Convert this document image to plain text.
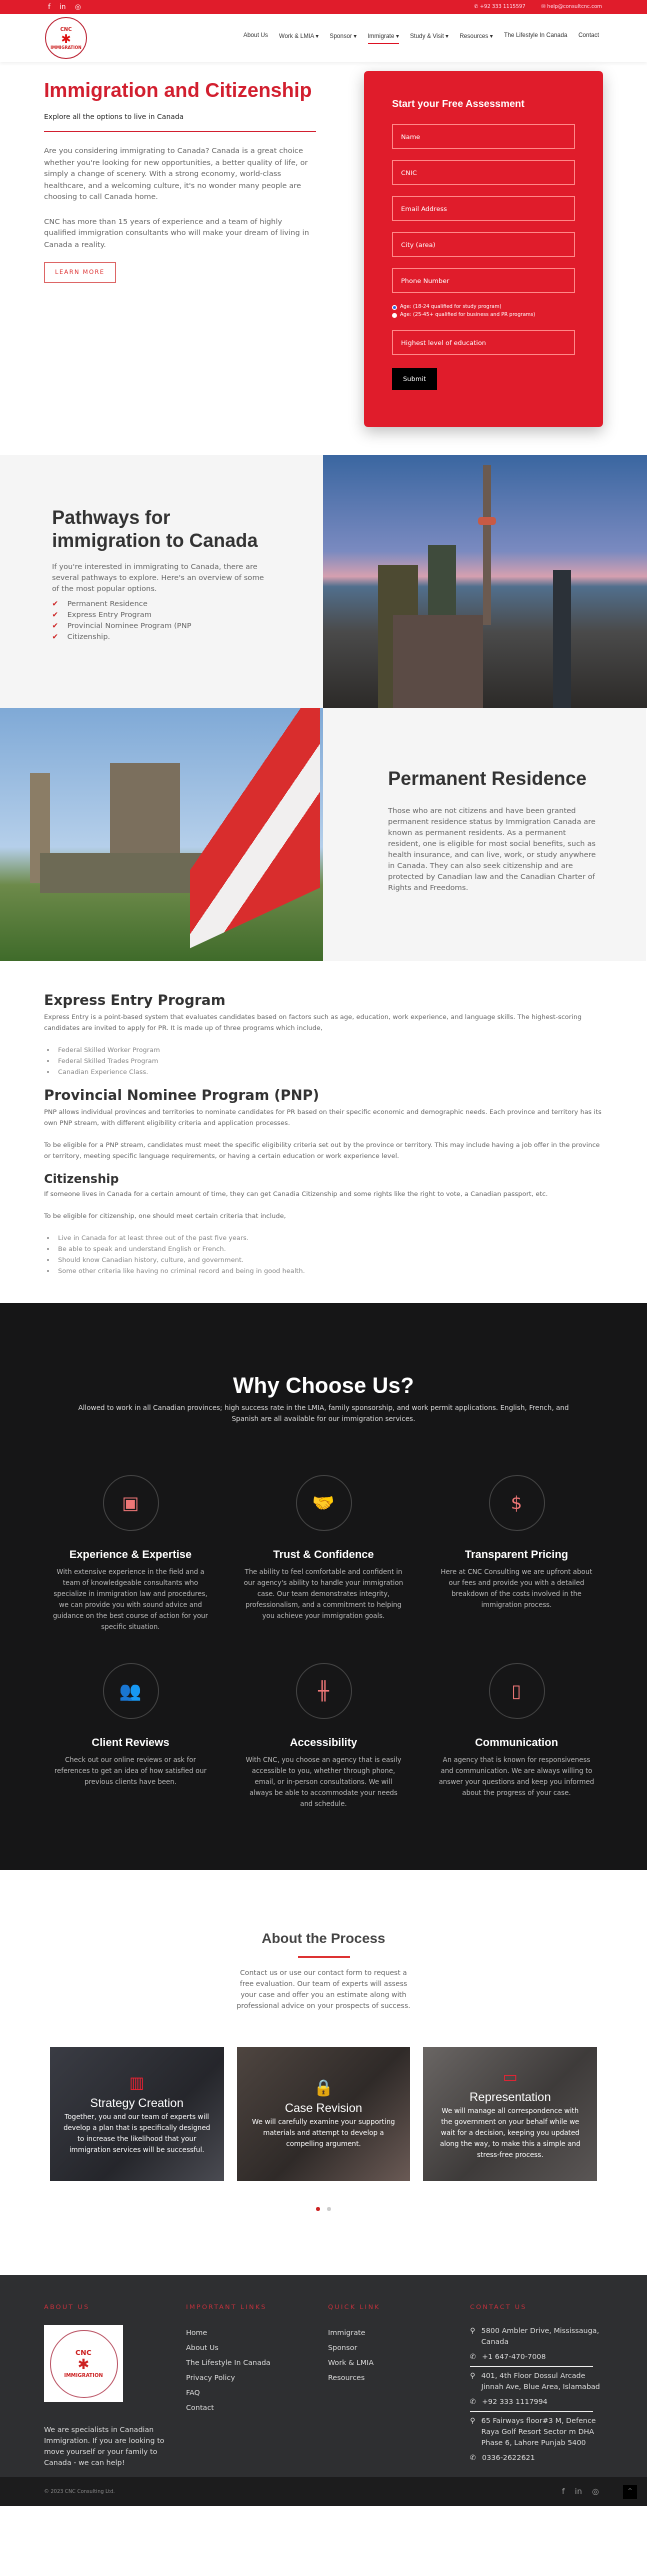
f in ◎	✆ +92 333 1115597	✉ help@consultcnc.com
CNC
✱
IMMIGRATION
About Us Work & LMIA ▾ Sponsor ▾ Immigrate ▾ Study & Visit ▾ Resources ▾ The Lifestyle In Canada Contact
Immigration and Citizenship
Explore all the options to live in Canada

Are you considering immigrating to Canada? Canada is a great choice whether you're looking for new opportunities, a better quality of life, or simply a change of scenery. With a strong economy, world-class healthcare, and a welcoming culture, it's no wonder many people are choosing to call Canada home.

CNC has more than 15 years of experience and a team of highly qualified immigration consultants who will make your dream of living in Canada a reality.

LEARN MORE
Start your Free Assessment
Name
CNIC
Email Address
City (area)
Phone Number
Age: (18-24 qualified for study program)
Age: (25-45+ qualified for business and PR programs)
Highest level of education
Submit
Pathways for immigration to Canada

If you're interested in immigrating to Canada, there are several pathways to explore. Here's an overview of some of the most popular options.

✔ Permanent Residence
✔ Express Entry Program
✔ Provincial Nominee Program (PNP
✔ Citizenship.
Permanent Residence

Those who are not citizens and have been granted permanent residence status by Immigration Canada are known as permanent residents. As a permanent resident, one is eligible for most social benefits, such as health insurance, and can live, work, or study anywhere in Canada. They can also seek citizenship and are protected by Canadian law and the Canadian Charter of Rights and Freedoms.

Express Entry Program

Express Entry is a point-based system that evaluates candidates based on factors such as age, education, work experience, and language skills. The highest-scoring candidates are invited to apply for PR. It is made up of three programs which include,

• Federal Skilled Worker Program
• Federal Skilled Trades Program
• Canadian Experience Class.
Provincial Nominee Program (PNP)

PNP allows individual provinces and territories to nominate candidates for PR based on their specific economic and demographic needs. Each province and territory has its own PNP stream, with different eligibility criteria and application processes.

To be eligible for a PNP stream, candidates must meet the specific eligibility criteria set out by the province or territory. This may include having a job offer in the province or territory, meeting specific language requirements, or having a certain education or work experience level.

Citizenship

If someone lives in Canada for a certain amount of time, they can get Canadia Citizenship and some rights like the right to vote, a Canadian passport, etc.

To be eligible for citizenship, one should meet certain criteria that include,

• Live in Canada for at least three out of the past five years.
• Be able to speak and understand English or French.
• Should know Canadian history, culture, and government.
• Some other criteria like having no criminal record and being in good health.
Why Choose Us?

Allowed to work in all Canadian provinces; high success rate in the LMIA, family sponsorship, and work permit applications. English, French, and Spanish are all available for our immigration services.

▣
Experience & Expertise

With extensive experience in the field and a team of knowledgeable consultants who specialize in immigration law and procedures, we can provide you with sound advice and guidance on the best course of action for your specific situation.

🤝
Trust & Confidence

The ability to feel comfortable and confident in our agency's ability to handle your immigration case. Our team demonstrates integrity, professionalism, and a commitment to helping you achieve your immigration goals.

$
Transparent Pricing

Here at CNC Consulting we are upfront about our fees and provide you with a detailed breakdown of the costs involved in the immigration process.

👥
Client Reviews

Check out our online reviews or ask for references to get an idea of how satisfied our previous clients have been.

╫
Accessibility

With CNC, you choose an agency that is easily accessible to you, whether through phone, email, or in-person consultations. We will always be able to accommodate your needs and schedule.

▯
Communication

An agency that is known for responsiveness and communication. We are always willing to answer your questions and keep you informed about the progress of your case.

About the Process

Contact us or use our contact form to request a free evaluation. Our team of experts will assess your case and offer you an estimate along with professional advice on your prospects of success.

▥
Strategy Creation

Together, you and our team of experts will develop a plan that is specifically designed to increase the likelihood that your immigration services will be successful.

🔒
Case Revision

We will carefully examine your supporting materials and attempt to develop a compelling argument.

▭
Representation

We will manage all correspondence with the government on your behalf while we wait for a decision, keeping you updated along the way, to make this a simple and stress-free process.

ABOUT US
CNC
✱
IMMIGRATION

We are specialists in Canadian Immigration. If you are looking to move yourself or your family to Canada - we can help!

IMPORTANT LINKS
Home
About Us
The Lifestyle In Canada
Privacy Policy
FAQ
Contact
QUICK LINK
Immigrate
Sponsor
Work & LMIA
Resources
CONTACT US
⚲ 5800 Ambler Drive, Mississauga, Canada
✆ +1 647-470-7008
⚲ 401, 4th Floor Dossul Arcade Jinnah Ave, Blue Area, Islamabad
✆ +92 333 1117994
⚲ 65 Fairways floor#3 M, Defence Raya Golf Resort Sector m DHA Phase 6, Lahore Punjab 5400
✆ 0336-2622621
© 2023 CNC Consulting Ltd.	f in ◎	^
